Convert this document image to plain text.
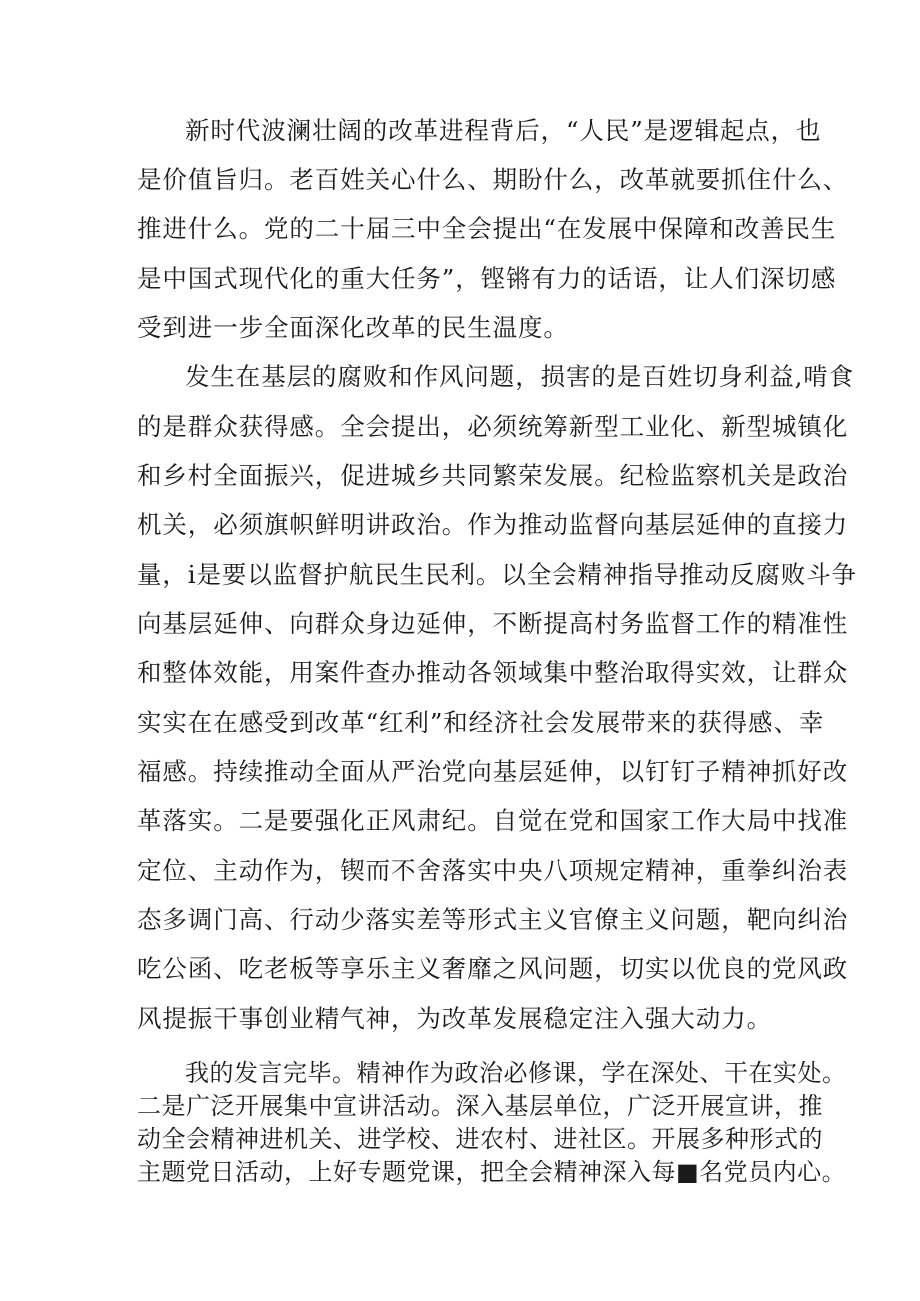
新时代波澜壮阔的改革进程背后，“人民”是逻辑起点，也
是价值旨归。老百姓关心什么、期盼什么，改革就要抓住什么、
推进什么。党的二十届三中全会提出“在发展中保障和改善民生
是中国式现代化的重大任务”，铿锵有力的话语，让人们深切感
受到进一步全面深化改革的民生温度。
发生在基层的腐败和作风问题，损害的是百姓切身利益,啃食
的是群众获得感。全会提出，必须统筹新型工业化、新型城镇化
和乡村全面振兴，促进城乡共同繁荣发展。纪检监察机关是政治
机关，必须旗帜鲜明讲政治。作为推动监督向基层延伸的直接力
量，i是要以监督护航民生民利。以全会精神指导推动反腐败斗争
向基层延伸、向群众身边延伸，不断提高村务监督工作的精准性
和整体效能，用案件查办推动各领域集中整治取得实效，让群众
实实在在感受到改革“红利”和经济社会发展带来的获得感、幸
福感。持续推动全面从严治党向基层延伸，以钉钉子精神抓好改
革落实。二是要强化正风肃纪。自觉在党和国家工作大局中找准
定位、主动作为，锲而不舍落实中央八项规定精神，重拳纠治表
态多调门高、行动少落实差等形式主义官僚主义问题，靶向纠治
吃公函、吃老板等享乐主义奢靡之风问题，切实以优良的党风政
风提振干事创业精气神，为改革发展稳定注入强大动力。
我的发言完毕。精神作为政治必修课，学在深处、干在实处。
二是广泛开展集中宣讲活动。深入基层单位，广泛开展宣讲，推
动全会精神进机关、进学校、进农村、进社区。开展多种形式的
主题党日活动，上好专题党课，把全会精神深入每■名党员内心。
